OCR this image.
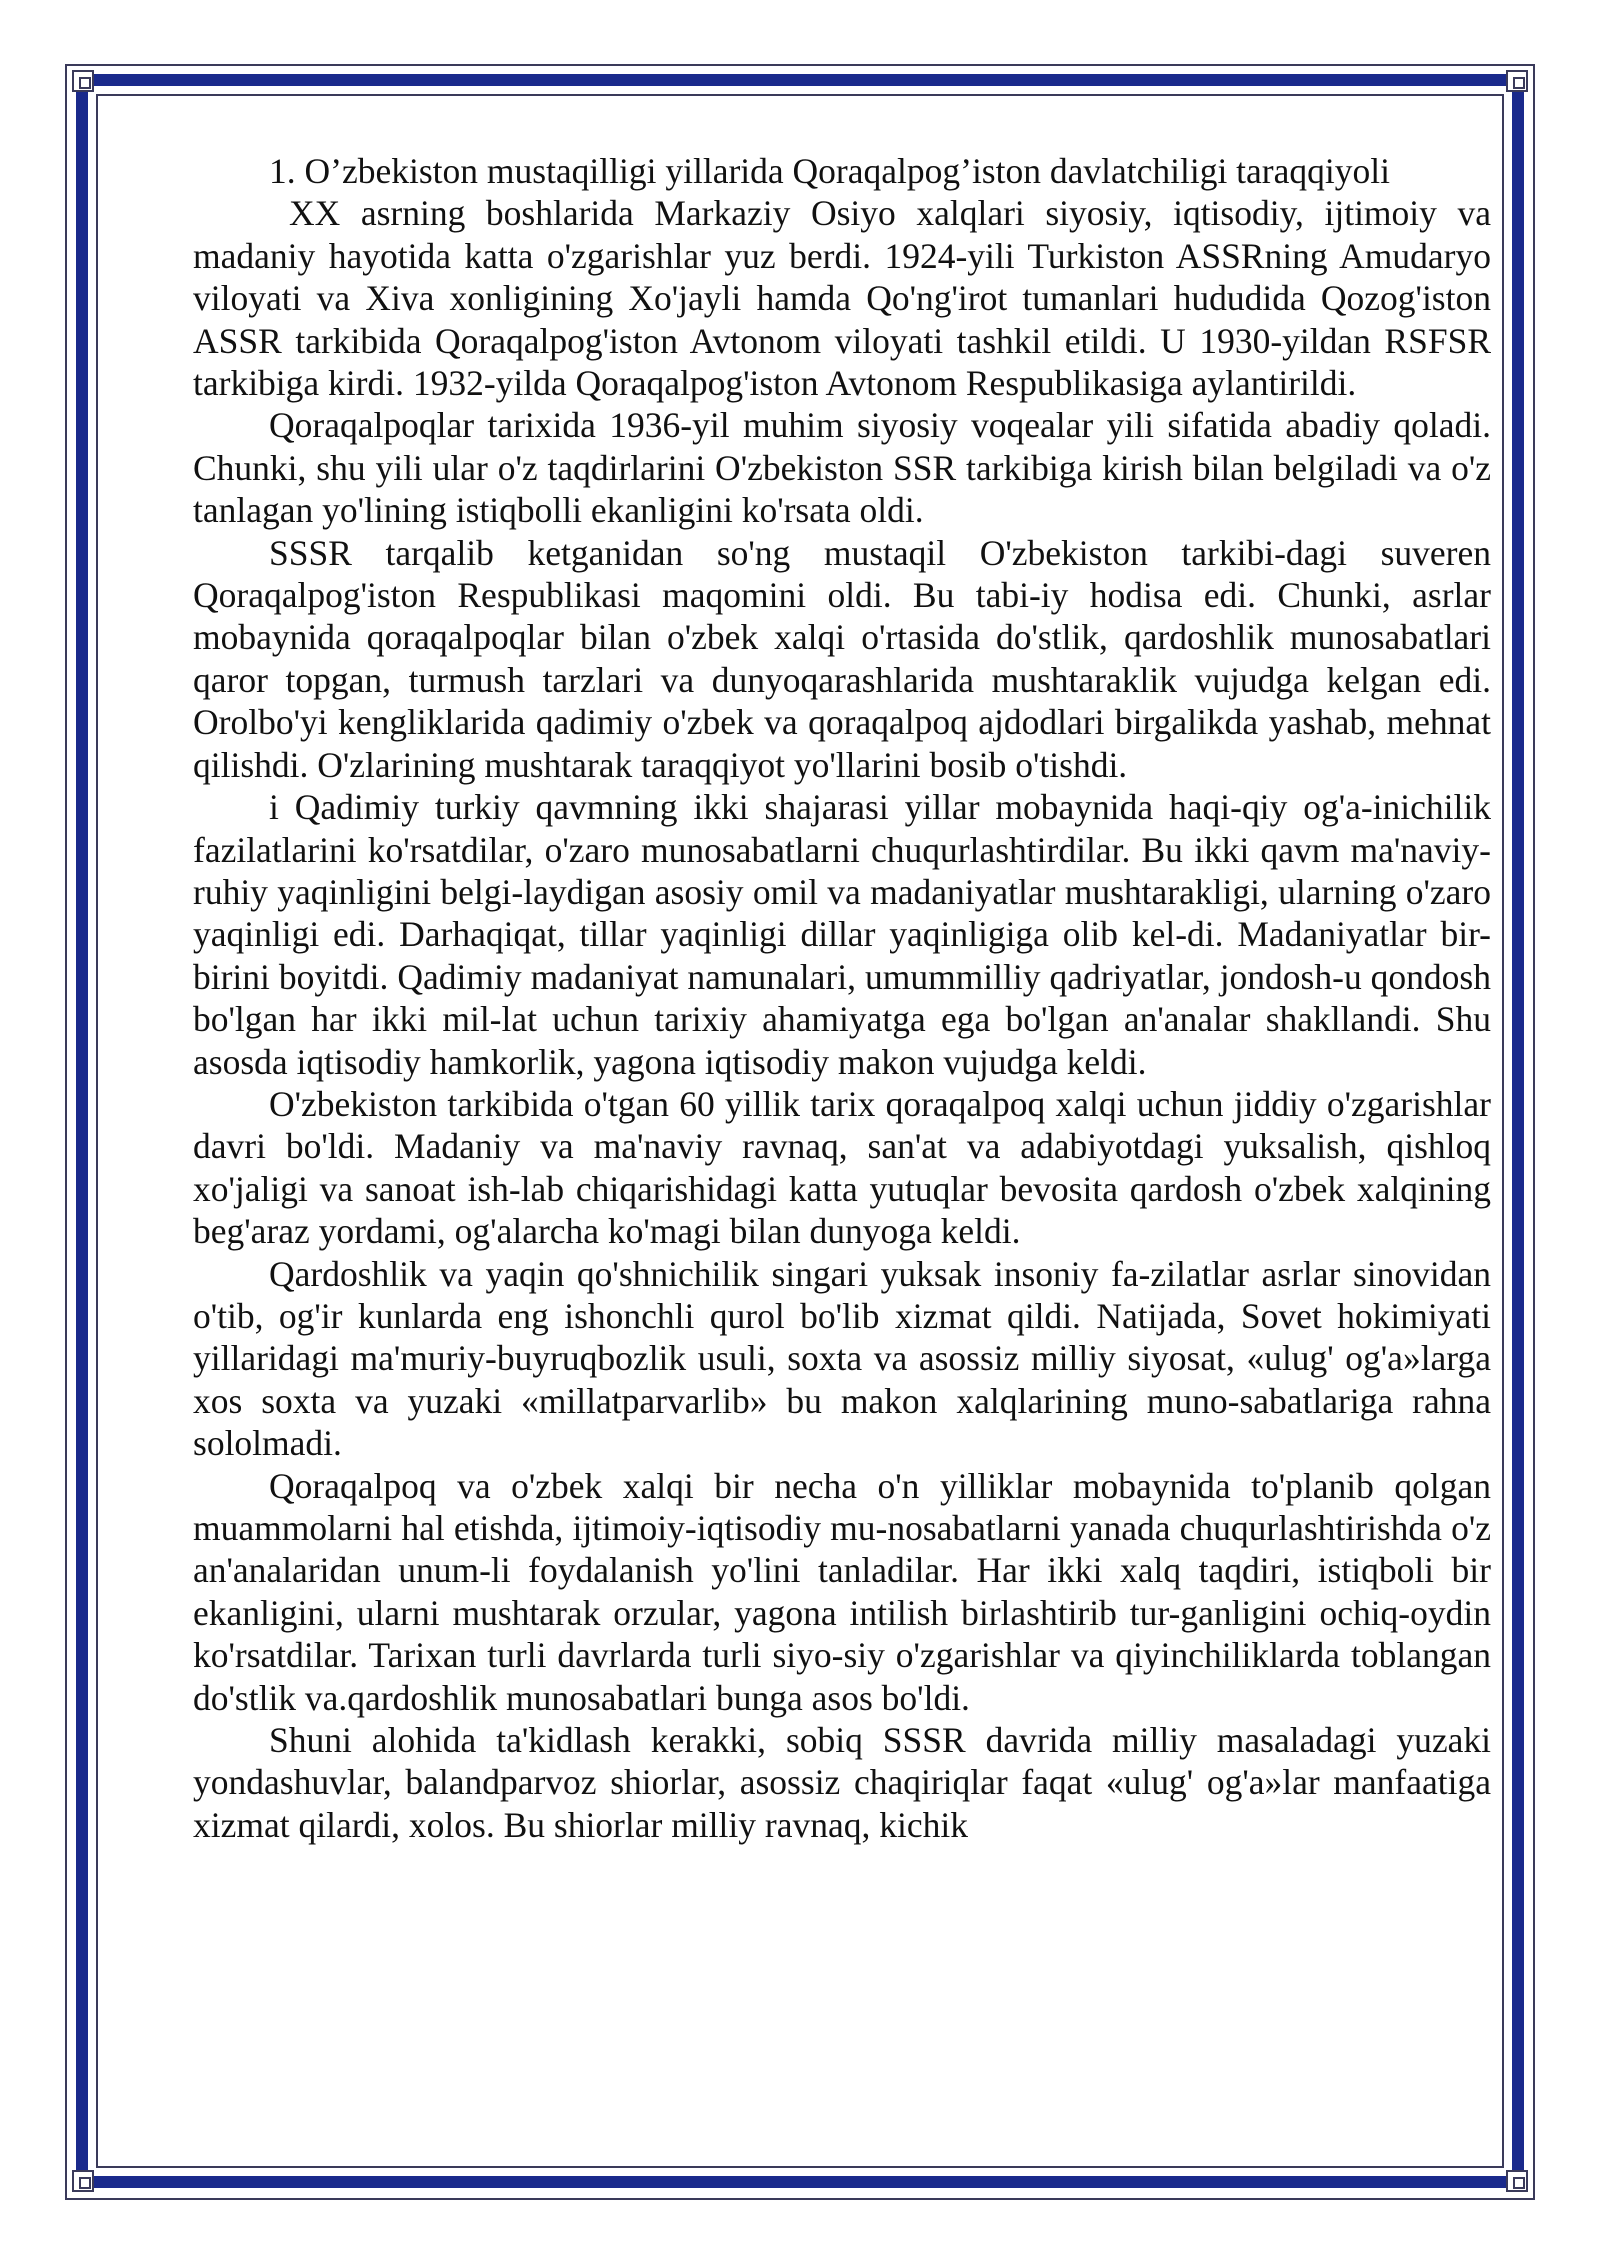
1. O’zbekiston mustaqilligi yillarida Qoraqalpog’iston davlatchiligi taraqqiyoli

XX asrning boshlarida Markaziy Osiyo xalqlari siyosiy, iqtisodiy, ijtimoiy va madaniy hayotida katta o'zgarishlar yuz berdi. 1924-yili Turkiston ASSRning Amudaryo viloyati va Xiva xonligining Xo'jayli hamda Qo'ng'irot tumanlari hududida Qozog'iston ASSR tarkibida Qoraqalpog'iston Avtonom viloyati tashkil etildi. U 1930-yildan RSFSR tarkibiga kirdi. 1932-yilda Qoraqalpog'iston Avtonom Respublikasiga aylantirildi.

Qoraqalpoqlar tarixida 1936-yil muhim siyosiy voqealar yili sifatida abadiy qoladi. Chunki, shu yili ular o'z taqdirlarini O'zbekiston SSR tarkibiga kirish bilan belgiladi va o'z tanlagan yo'lining istiqbolli ekanligini ko'rsata oldi.

SSSR tarqalib ketganidan so'ng mustaqil O'zbekiston tarkibi-dagi suveren Qoraqalpog'iston Respublikasi maqomini oldi. Bu tabi-iy hodisa edi. Chunki, asrlar mobaynida qoraqalpoqlar bilan o'zbek xalqi o'rtasida do'stlik, qardoshlik munosabatlari qaror topgan, turmush tarzlari va dunyoqarashlarida mushtaraklik vujudga kelgan edi. Orolbo'yi kengliklarida qadimiy o'zbek va qoraqalpoq ajdodlari birgalikda yashab, mehnat qilishdi. O'zlarining mushtarak taraqqiyot yo'llarini bosib o'tishdi.

i Qadimiy turkiy qavmning ikki shajarasi yillar mobaynida haqi-qiy og'a-inichilik fazilatlarini ko'rsatdilar, o'zaro munosabatlarni chuqurlashtirdilar. Bu ikki qavm ma'naviy-ruhiy yaqinligini belgi-laydigan asosiy omil va madaniyatlar mushtarakligi, ularning o'zaro yaqinligi edi. Darhaqiqat, tillar yaqinligi dillar yaqinligiga olib kel-di. Madaniyatlar bir-birini boyitdi. Qadimiy madaniyat namunalari, umummilliy qadriyatlar, jondosh-u qondosh bo'lgan har ikki mil-lat uchun tarixiy ahamiyatga ega bo'lgan an'analar shakllandi. Shu asosda iqtisodiy hamkorlik, yagona iqtisodiy makon vujudga keldi.

O'zbekiston tarkibida o'tgan 60 yillik tarix qoraqalpoq xalqi uchun jiddiy o'zgarishlar davri bo'ldi. Madaniy va ma'naviy ravnaq, san'at va adabiyotdagi yuksalish, qishloq xo'jaligi va sanoat ish-lab chiqarishidagi katta yutuqlar bevosita qardosh o'zbek xalqining beg'araz yordami, og'alarcha ko'magi bilan dunyoga keldi.

Qardoshlik va yaqin qo'shnichilik singari yuksak insoniy fa-zilatlar asrlar sinovidan o'tib, og'ir kunlarda eng ishonchli qurol bo'lib xizmat qildi. Natijada, Sovet hokimiyati yillaridagi ma'muriy-buyruqbozlik usuli, soxta va asossiz milliy siyosat, «ulug' og'a»larga xos soxta va yuzaki «millatparvarlib» bu makon xalqlarining muno-sabatlariga rahna sololmadi.

Qoraqalpoq va o'zbek xalqi bir necha o'n yilliklar mobaynida to'planib qolgan muammolarni hal etishda, ijtimoiy-iqtisodiy mu-nosabatlarni yanada chuqurlashtirishda o'z an'analaridan unum-li foydalanish yo'lini tanladilar. Har ikki xalq taqdiri, istiqboli bir ekanligini, ularni mushtarak orzular, yagona intilish birlashtirib tur-ganligini ochiq-oydin ko'rsatdilar. Tarixan turli davrlarda turli siyo-siy o'zgarishlar va qiyinchiliklarda toblangan do'stlik va.qardoshlik munosabatlari bunga asos bo'ldi.

Shuni alohida ta'kidlash kerakki, sobiq SSSR davrida milliy masaladagi yuzaki yondashuvlar, balandparvoz shiorlar, asossiz chaqiriqlar faqat «ulug' og'a»lar manfaatiga xizmat qilardi, xolos. Bu shiorlar milliy ravnaq, kichik
